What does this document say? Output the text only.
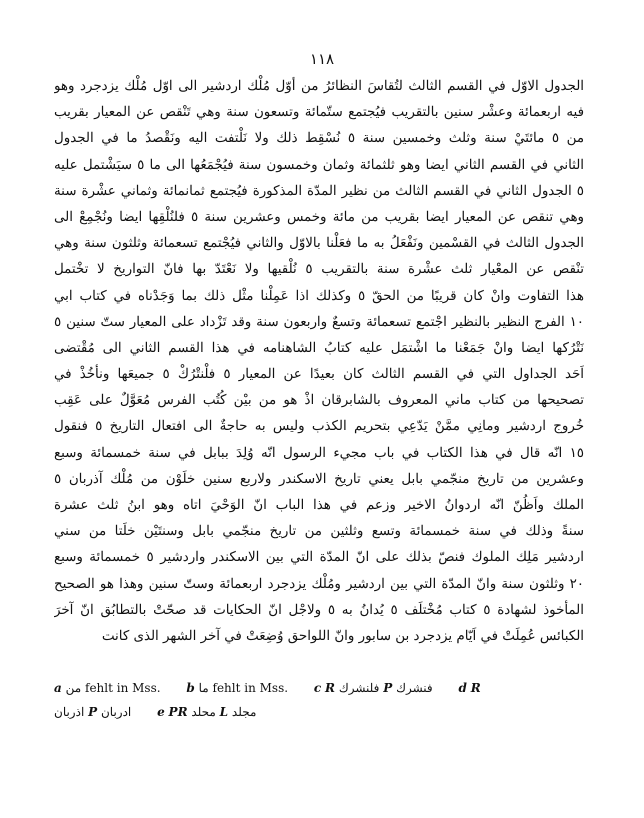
١١٨
الجدول الاوّل في القسم الثالث لتُقاسَ النظائرُ من أوّل مُلْك اردشير الى اوّل مُلْك يزدجرد وهو
فيه اربعمائة وعشْر سنين بالتقريب فيُجتمع ستّمائة وتسعون سنة وهي تَنْقص عن المعيار بقريب
من ٥ مائتَيْ سنة وثلث وخمسين سنة ٥ نُسْقِط ذلك ولا نَلْتفت اليه ونَقْصدُ ما في الجدول
الثاني في القسم الثاني ايضا وهو ثلثمائة وثمان وخمسون سنة فيُجْمَعُها الى ما ٥ سيَشْتمل عليه
٥ الجدول الثاني في القسم الثالث من نظير المدّة المذكورة فيُجتمع ثمانمائة وثماني عشْرة سنة
وهي تنقص عن المعيار ايضا بقريب من مائة وخمس وعشرين سنة ٥ فلنُلْقِها ايضا ونُجْمِعْ الى
الجدول الثالث في القسْمين ونَفْعَلُ به ما فعَلْنا بالاوّل والثاني فيُجْتمع تسعمائة وثلثون سنة وهي
تنْقص عن المعْيار ثلث عشْرة سنة بالتقريب ٥ نُلْقيها ولا نَعْتَدّ بها فانّ التواريخ لا تخْتمل
هذا التفاوت وانْ كان قريبًا من الحقّ ٥ وكذلك اذا عَمِلْنا مثْل ذلك بما وَجَدْناه في كتاب ابي
١٠ الفرج النظير بالنظير اجْتمع تسعمائة وتسعٌ واربعون سنة وقد تَزْداد على المعيار ستّ سنين ٥
نَتْرُكها ايضا وانْ جَمَعْنا ما اشْتمَل عليه كتابُ الشاهنامه في هذا القسم الثاني الى مُقْتضى
اَحَد الجداول التي في القسم الثالث كان بعيدًا عن المعيار ٥ فلْنتْرُكْ ٥ جميعَها ونأخُذْ في
تصحيحها من كتاب ماني المعروف بالشابرقان اذْ هو من بيْن كُتُب الفرس مُعَوَّلٌ على عَقِب
خُروج اردشير ومانِي ممَّنْ يَدّعِي بتحريم الكذب وليس به حاجةٌ الى افتعال التاريخ ٥ فنقول
١٥ انّه قال في هذا الكتاب في باب مجيء الرسول انّه وُلِدَ ببابل في سنة خمسمائة وسبع
وعشرين من تاريخ منجّمي بابل يعني تاريخ الاسكندر ولاربع سنين خلَوْن من مُلْك آذربان ٥
الملك واَظُنّ انّه اردوانُ الاخير وزعم في هذا الباب انّ الوَحْيَ اتاه وهو ابنُ ثلث عشرة
سنةً وذلك في سنة خمسمائة وتسع وثلثين من تاريخ منجّمي بابل وسنتَيْن خلَتا من سني
اردشير مَلِك الملوك فنصّ بذلك على انّ المدّة التي بين الاسكندر واردشير ٥ خمسمائة وسبع
٢٠ وثلثون سنة وانّ المدّة التي بين اردشير ومُلْك يزدجرد اربعمائة وستّ سنين وهذا هو الصحيح
المأخوذ لشهادة ٥ كتاب مُخْتلَف ٥ يُدانُ به ٥ ولاجْل انّ الحكايات قد صحّتْ بالتطابُق انّ آخرَ
الكبائس عُمِلَتْ في اَيّام يزدجرد بن سابور وانّ اللواحق وُضِعَتْ في آخر الشهر الذى كانت
a من fehlt in Mss. b ما fehlt in Mss. c R فلنشرك P فنشرك d R
اذربان P ادربان e PR محلد L مجلد
